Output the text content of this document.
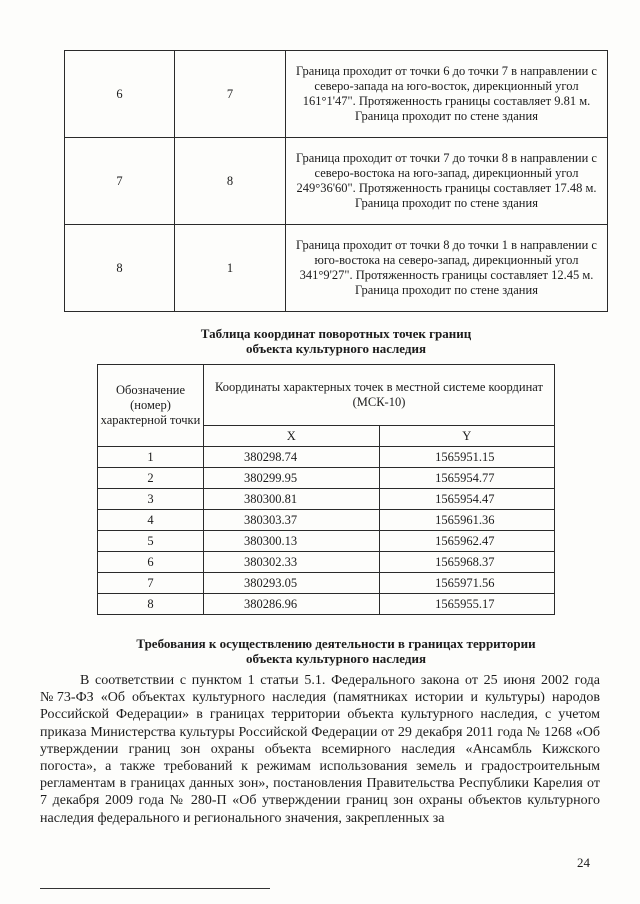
6	7	Граница проходит от точки 6 до точки 7 в направлении с северо-запада на юго-восток, дирекционный угол 161°1'47". Протяженность границы составляет 9.81 м. Граница проходит по стене здания
7	8	Граница проходит от точки 7 до точки 8 в направлении с северо-востока на юго-запад, дирекционный угол 249°36'60". Протяженность границы составляет 17.48 м. Граница проходит по стене здания
8	1	Граница проходит от точки 8 до точки 1 в направлении с юго-востока на северо-запад, дирекционный угол 341°9'27". Протяженность границы составляет 12.45 м. Граница проходит по стене здания
Таблица координат поворотных точек границ
объекта культурного наследия
Обозначение (номер) характерной точки	Координаты характерных точек в местной системе координат (МСК-10)	
	X	Y
1	380298.74	1565951.15
2	380299.95	1565954.77
3	380300.81	1565954.47
4	380303.37	1565961.36
5	380300.13	1565962.47
6	380302.33	1565968.37
7	380293.05	1565971.56
8	380286.96	1565955.17
Требования к осуществлению деятельности в границах территории
объекта культурного наследия

В соответствии с пунктом 1 статьи 5.1. Федерального закона от 25 июня 2002 года №73-ФЗ «Об объектах культурного наследия (памятниках истории и культуры) народов Российской Федерации» в границах территории объекта культурного наследия, с учетом приказа Министерства культуры Российской Федерации от 29 декабря 2011 года № 1268 «Об утверждении границ зон охраны объекта всемирного наследия «Ансамбль Кижского погоста», а также требований к режимам использования земель и градостроительным регламентам в границах данных зон», постановления Правительства Республики Карелия от 7 декабря 2009 года № 280-П «Об утверждении границ зон охраны объектов культурного наследия федерального и регионального значения, закрепленных за

24
